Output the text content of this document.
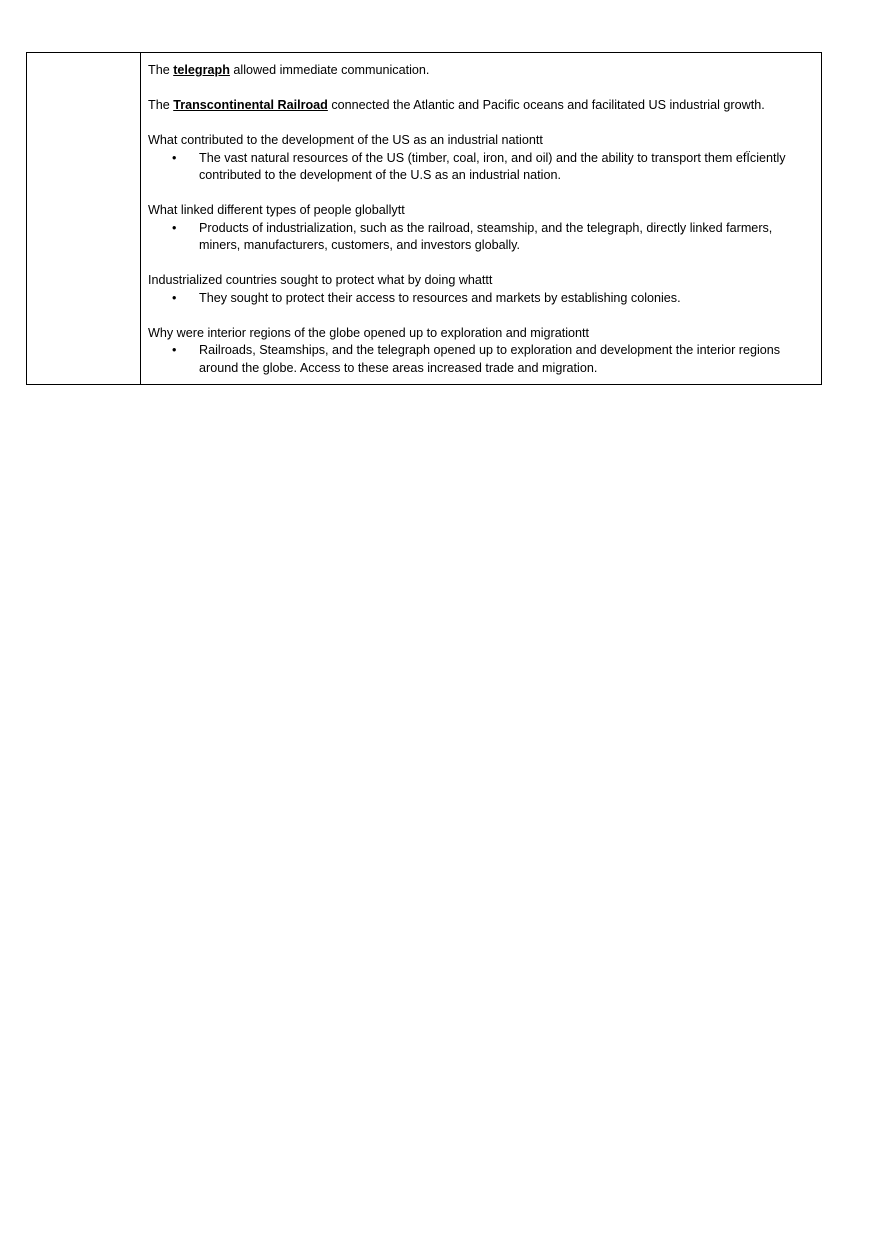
The telegraph allowed immediate communication.

The Transcontinental Railroad connected the Atlantic and Pacific oceans and facilitated US industrial growth.

What contributed to the development of the US as an industrial nationtt

• The vast natural resources of the US (timber, coal, iron, and oil) and the ability to transport them efÏciently contributed to the development of the U.S as an industrial nation.

What linked different types of people globallytt

• Products of industrialization, such as the railroad, steamship, and the telegraph, directly linked farmers, miners, manufacturers, customers, and investors globally.

Industrialized countries sought to protect what by doing whattt

• They sought to protect their access to resources and markets by establishing colonies.

Why were interior regions of the globe opened up to exploration and migrationtt

• Railroads, Steamships, and the telegraph opened up to exploration and development the interior regions around the globe. Access to these areas increased trade and migration.
